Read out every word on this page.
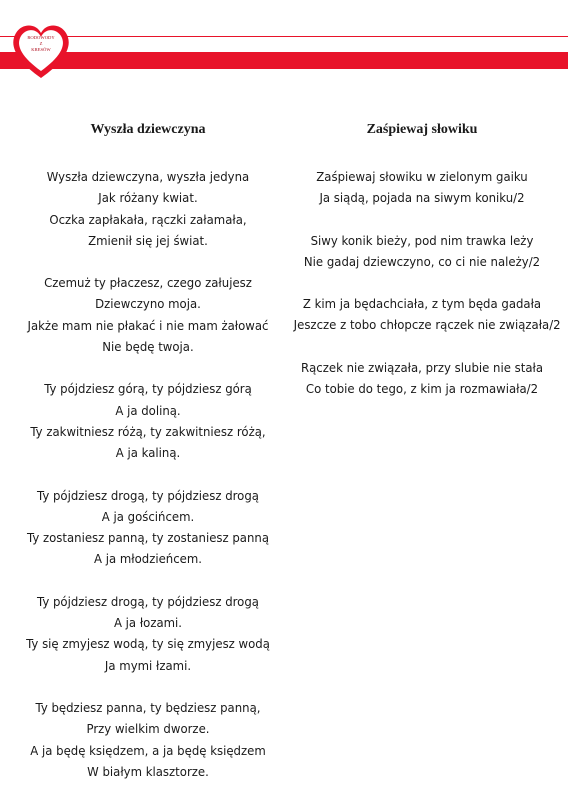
RODOWODY
Z
KRESÓW
Wyszła dziewczyna
Wyszła dziewczyna, wyszła jedyna
Jak różany kwiat.
Oczka zapłakała, rączki załamała,
Zmienił się jej świat.
Czemuż ty płaczesz, czego załujesz
Dziewczyno moja.
Jakże mam nie płakać i nie mam żałować
Nie będę twoja.
Ty pójdziesz górą, ty pójdziesz górą
A ja doliną.
Ty zakwitniesz różą, ty zakwitniesz różą,
A ja kaliną.
Ty pójdziesz drogą, ty pójdziesz drogą
A ja gościńcem.
Ty zostaniesz panną, ty zostaniesz panną
A ja młodzieńcem.
Ty pójdziesz drogą, ty pójdziesz drogą
A ja łozami.
Ty się zmyjesz wodą, ty się zmyjesz wodą
Ja mymi łzami.
Ty będziesz panna, ty będziesz panną,
Przy wielkim dworze.
A ja będę księdzem, a ja będę księdzem
W białym klasztorze.
Zaśpiewaj słowiku
Zaśpiewaj słowiku w zielonym gaiku
Ja siądą, pojada na siwym koniku/2
Siwy konik bieży, pod nim trawka leży
Nie gadaj dziewczyno, co ci nie należy/2
Z kim ja będachciała, z tym będa gadała
Jeszcze z tobo chłopcze rączek nie związała/2
Rączek nie związała, przy slubie nie stała
Co tobie do tego, z kim ja rozmawiała/2
